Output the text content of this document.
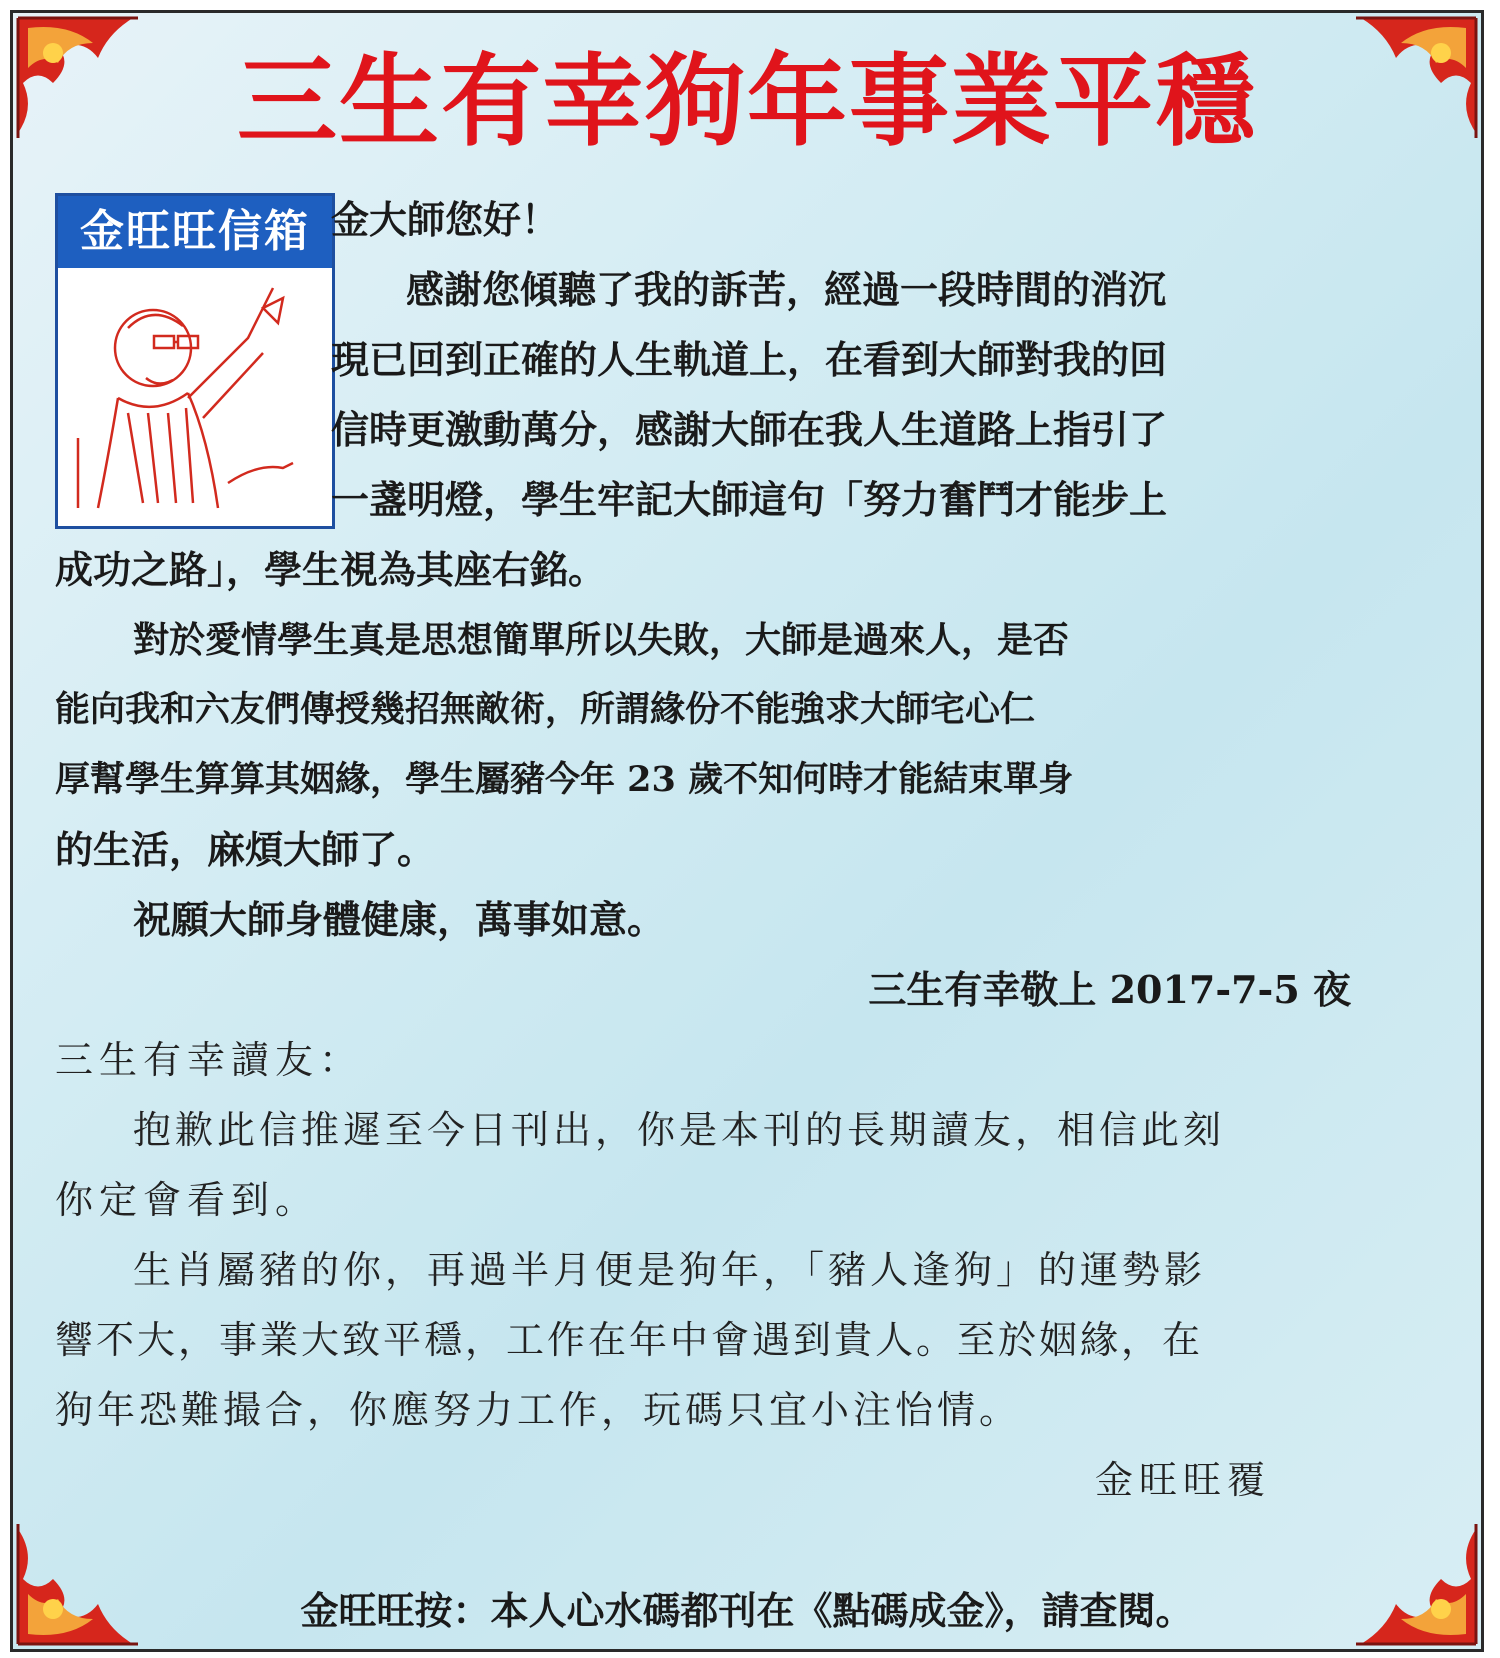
三生有幸狗年事業平穩
金旺旺信箱 金大師您好！
感謝您傾聽了我的訴苦，經過一段時間的消沉
現已回到正確的人生軌道上，在看到大師對我的回
信時更激動萬分，感謝大師在我人生道路上指引了
一盞明燈，學生牢記大師這句「努力奮鬥才能步上
成功之路」，學生視為其座右銘。
對於愛情學生真是思想簡單所以失敗，大師是過來人，是否
能向我和六友們傳授幾招無敵術，所謂緣份不能強求大師宅心仁
厚幫學生算算其姻緣，學生屬豬今年 23 歲不知何時才能結束單身
的生活，麻煩大師了。
祝願大師身體健康，萬事如意。
三生有幸敬上 2017-7-5 夜
三生有幸讀友：
抱歉此信推遲至今日刊出，你是本刊的長期讀友，相信此刻
你定會看到。
生肖屬豬的你，再過半月便是狗年，「豬人逢狗」的運勢影
響不大，事業大致平穩，工作在年中會遇到貴人。至於姻緣，在
狗年恐難撮合，你應努力工作，玩碼只宜小注怡情。
金旺旺覆
金旺旺按：本人心水碼都刊在《點碼成金》，請查閱。
